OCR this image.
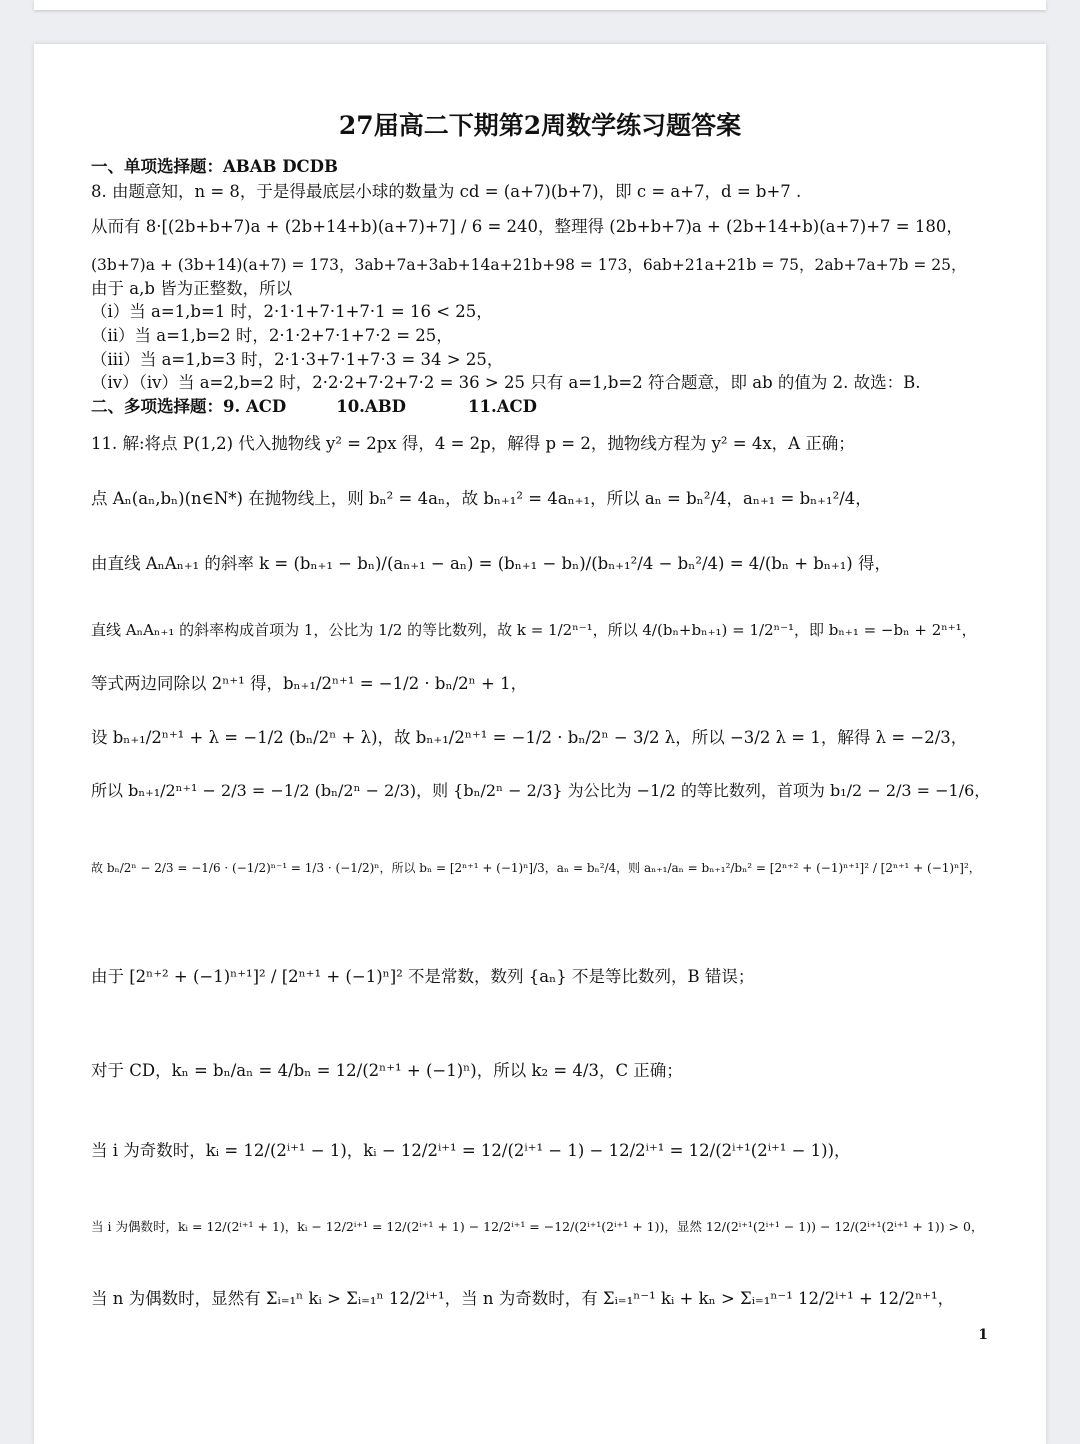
27届高二下期第2周数学练习题答案
一、单项选择题：ABAB DCDB
8. 由题意知，n = 8，于是得最底层小球的数量为 cd = (a+7)(b+7)，即 c = a+7，d = b+7 .
从而有 8·[(2b+b+7)a + (2b+14+b)(a+7)+7] / 6 = 240，整理得 (2b+b+7)a + (2b+14+b)(a+7)+7 = 180，
(3b+7)a + (3b+14)(a+7) = 173，3ab+7a+3ab+14a+21b+98 = 173，6ab+21a+21b = 75，2ab+7a+7b = 25，
由于 a,b 皆为正整数，所以
（i）当 a=1,b=1 时，2·1·1+7·1+7·1 = 16 < 25，
（ii）当 a=1,b=2 时，2·1·2+7·1+7·2 = 25，
（iii）当 a=1,b=3 时，2·1·3+7·1+7·3 = 34 > 25，
（iv）（iv）当 a=2,b=2 时，2·2·2+7·2+7·2 = 36 > 25 只有 a=1,b=2 符合题意，即 ab 的值为 2. 故选：B.
二、多项选择题：9. ACD	10.ABD	11.ACD
11. 解:将点 P(1,2) 代入抛物线 y² = 2px 得，4 = 2p，解得 p = 2，抛物线方程为 y² = 4x，A 正确；
点 Aₙ(aₙ,bₙ)(n∈N*) 在抛物线上，则 bₙ² = 4aₙ，故 bₙ₊₁² = 4aₙ₊₁，所以 aₙ = bₙ²/4，aₙ₊₁ = bₙ₊₁²/4，
由直线 AₙAₙ₊₁ 的斜率 k = (bₙ₊₁ − bₙ)/(aₙ₊₁ − aₙ) = (bₙ₊₁ − bₙ)/(bₙ₊₁²/4 − bₙ²/4) = 4/(bₙ + bₙ₊₁) 得，
直线 AₙAₙ₊₁ 的斜率构成首项为 1，公比为 1/2 的等比数列，故 k = 1/2ⁿ⁻¹，所以 4/(bₙ+bₙ₊₁) = 1/2ⁿ⁻¹，即 bₙ₊₁ = −bₙ + 2ⁿ⁺¹，
等式两边同除以 2ⁿ⁺¹ 得，bₙ₊₁/2ⁿ⁺¹ = −1/2 · bₙ/2ⁿ + 1，
设 bₙ₊₁/2ⁿ⁺¹ + λ = −1/2 (bₙ/2ⁿ + λ)，故 bₙ₊₁/2ⁿ⁺¹ = −1/2 · bₙ/2ⁿ − 3/2 λ，所以 −3/2 λ = 1，解得 λ = −2/3，
所以 bₙ₊₁/2ⁿ⁺¹ − 2/3 = −1/2 (bₙ/2ⁿ − 2/3)，则 {bₙ/2ⁿ − 2/3} 为公比为 −1/2 的等比数列，首项为 b₁/2 − 2/3 = −1/6，
故 bₙ/2ⁿ − 2/3 = −1/6 · (−1/2)ⁿ⁻¹ = 1/3 · (−1/2)ⁿ，所以 bₙ = [2ⁿ⁺¹ + (−1)ⁿ]/3，aₙ = bₙ²/4，则 aₙ₊₁/aₙ = bₙ₊₁²/bₙ² = [2ⁿ⁺² + (−1)ⁿ⁺¹]² / [2ⁿ⁺¹ + (−1)ⁿ]²，
由于 [2ⁿ⁺² + (−1)ⁿ⁺¹]² / [2ⁿ⁺¹ + (−1)ⁿ]² 不是常数，数列 {aₙ} 不是等比数列，B 错误；
对于 CD，kₙ = bₙ/aₙ = 4/bₙ = 12/(2ⁿ⁺¹ + (−1)ⁿ)，所以 k₂ = 4/3，C 正确；
当 i 为奇数时，kᵢ = 12/(2ⁱ⁺¹ − 1)，kᵢ − 12/2ⁱ⁺¹ = 12/(2ⁱ⁺¹ − 1) − 12/2ⁱ⁺¹ = 12/(2ⁱ⁺¹(2ⁱ⁺¹ − 1))，
当 i 为偶数时，kᵢ = 12/(2ⁱ⁺¹ + 1)，kᵢ − 12/2ⁱ⁺¹ = 12/(2ⁱ⁺¹ + 1) − 12/2ⁱ⁺¹ = −12/(2ⁱ⁺¹(2ⁱ⁺¹ + 1))，显然 12/(2ⁱ⁺¹(2ⁱ⁺¹ − 1)) − 12/(2ⁱ⁺¹(2ⁱ⁺¹ + 1)) > 0，
当 n 为偶数时，显然有 Σᵢ₌₁ⁿ kᵢ > Σᵢ₌₁ⁿ 12/2ⁱ⁺¹，当 n 为奇数时，有 Σᵢ₌₁ⁿ⁻¹ kᵢ + kₙ > Σᵢ₌₁ⁿ⁻¹ 12/2ⁱ⁺¹ + 12/2ⁿ⁺¹，
1
